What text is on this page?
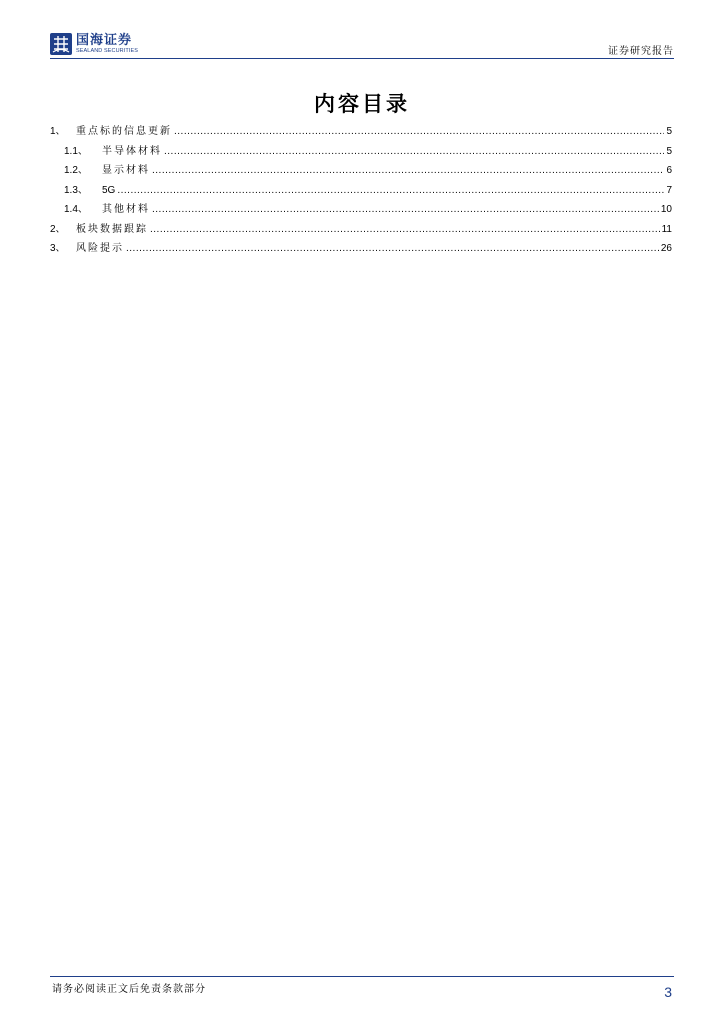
国海证券
SEALAND SECURITIES	证券研究报告
内容目录
1、	重点标的信息更新 .....	5
1.1、	半导体材料 .....	5
1.2、	显示材料 .....	6
1.3、	5G .....	7
1.4、	其他材料 .....	10
2、	板块数据跟踪 .....	11
3、	风险提示 .....	26
请务必阅读正文后免责条款部分	3
